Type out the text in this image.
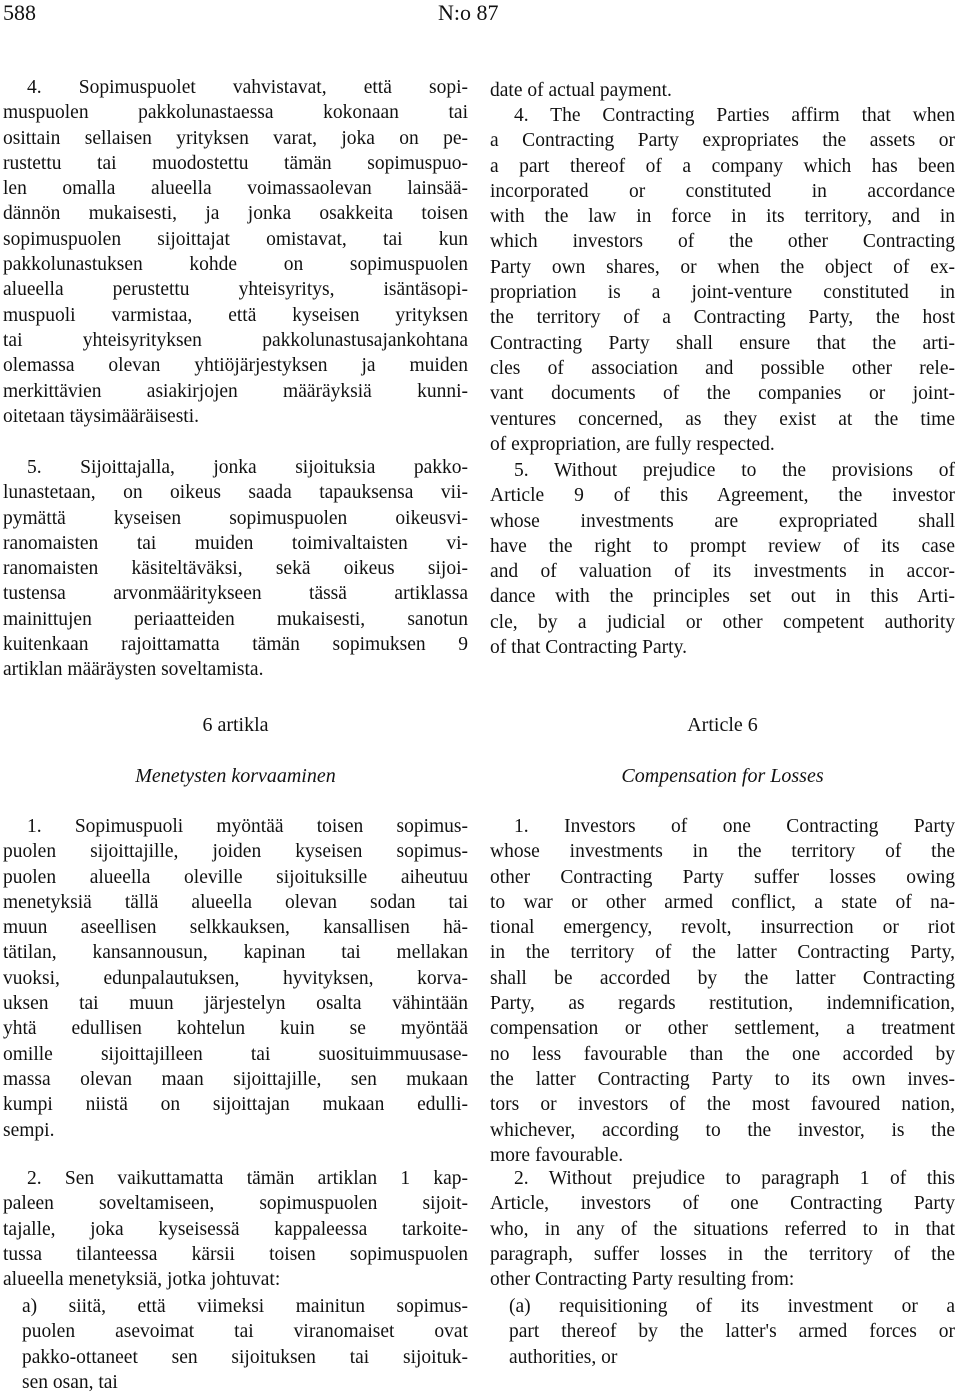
588	N:o 87
4. Sopimuspuolet vahvistavat, että sopi-
muspuolen pakkolunastaessa kokonaan tai
osittain sellaisen yrityksen varat, joka on pe-
rustettu tai muodostettu tämän sopimuspuo-
len omalla alueella voimassaolevan lainsää-
dännön mukaisesti, ja jonka osakkeita toisen
sopimuspuolen sijoittajat omistavat, tai kun
pakkolunastuksen kohde on sopimuspuolen
alueella perustettu yhteisyritys, isäntäsopi-
muspuoli varmistaa, että kyseisen yrityksen
tai yhteisyrityksen pakkolunastusajankohtana
olemassa olevan yhtiöjärjestyksen ja muiden
merkittävien asiakirjojen määräyksiä kunni-
oitetaan täysimääräisesti.
5. Sijoittajalla, jonka sijoituksia pakko-
lunastetaan, on oikeus saada tapauksensa vii-
pymättä kyseisen sopimuspuolen oikeusvi-
ranomaisten tai muiden toimivaltaisten vi-
ranomaisten käsiteltäväksi, sekä oikeus sijoi-
tustensa arvonmääritykseen tässä artiklassa
mainittujen periaatteiden mukaisesti, sanotun
kuitenkaan rajoittamatta tämän sopimuksen 9
artiklan määräysten soveltamista.
6 artikla
Menetysten korvaaminen
1. Sopimuspuoli myöntää toisen sopimus-
puolen sijoittajille, joiden kyseisen sopimus-
puolen alueella oleville sijoituksille aiheutuu
menetyksiä tällä alueella olevan sodan tai
muun aseellisen selkkauksen, kansallisen hä-
tätilan, kansannousun, kapinan tai mellakan
vuoksi, edunpalautuksen, hyvityksen, korva-
uksen tai muun järjestelyn osalta vähintään
yhtä edullisen kohtelun kuin se myöntää
omille sijoittajilleen tai suosituimmuusase-
massa olevan maan sijoittajille, sen mukaan
kumpi niistä on sijoittajan mukaan edulli-
sempi.
2. Sen vaikuttamatta tämän artiklan 1 kap-
paleen soveltamiseen, sopimuspuolen sijoit-
tajalle, joka kyseisessä kappaleessa tarkoite-
tussa tilanteessa kärsii toisen sopimuspuolen
alueella menetyksiä, jotka johtuvat:
a) siitä, että viimeksi mainitun sopimus-
puolen asevoimat tai viranomaiset ovat
pakko-ottaneet sen sijoituksen tai sijoituk-
sen osan, tai
date of actual payment.
4. The Contracting Parties affirm that when
a Contracting Party expropriates the assets or
a part thereof of a company which has been
incorporated or constituted in accordance
with the law in force in its territory, and in
which investors of the other Contracting
Party own shares, or when the object of ex-
propriation is a joint-venture constituted in
the territory of a Contracting Party, the host
Contracting Party shall ensure that the arti-
cles of association and possible other rele-
vant documents of the companies or joint-
ventures concerned, as they exist at the time
of expropriation, are fully respected.
5. Without prejudice to the provisions of
Article 9 of this Agreement, the investor
whose investments are expropriated shall
have the right to prompt review of its case
and of valuation of its investments in accor-
dance with the principles set out in this Arti-
cle, by a judicial or other competent authority
of that Contracting Party.
Article 6
Compensation for Losses
1. Investors of one Contracting Party
whose investments in the territory of the
other Contracting Party suffer losses owing
to war or other armed conflict, a state of na-
tional emergency, revolt, insurrection or riot
in the territory of the latter Contracting Party,
shall be accorded by the latter Contracting
Party, as regards restitution, indemnification,
compensation or other settlement, a treatment
no less favourable than the one accorded by
the latter Contracting Party to its own inves-
tors or investors of the most favoured nation,
whichever, according to the investor, is the
more favourable.
2. Without prejudice to paragraph 1 of this
Article, investors of one Contracting Party
who, in any of the situations referred to in that
paragraph, suffer losses in the territory of the
other Contracting Party resulting from:
(a) requisitioning of its investment or a
part thereof by the latter's armed forces or
authorities, or
